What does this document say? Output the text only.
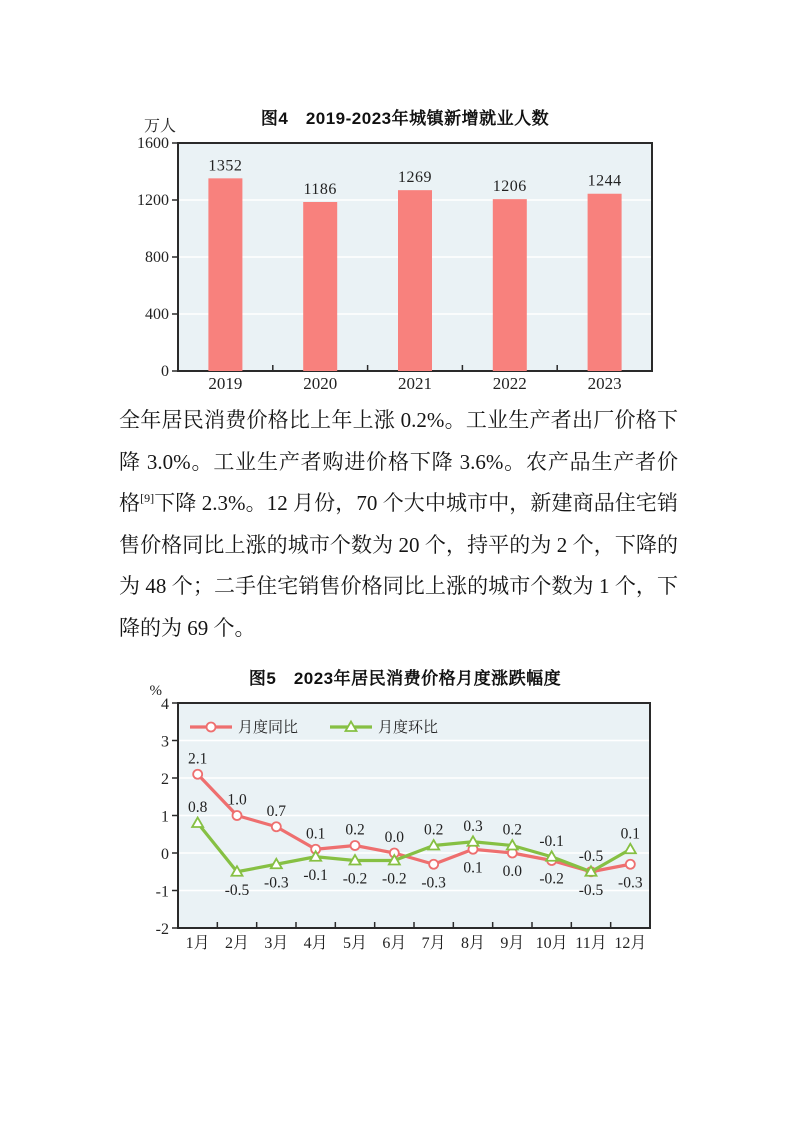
图4　2019-2023年城镇新增就业人数
0
400
800
1200
1600
万人
1352
2019
1186
2020
1269
2021
1206
2022
1244
2023

全年居民消费价格比上年上涨 0.2%。工业生产者出厂价格下降 3.0%。工业生产者购进价格下降 3.6%。农产品生产者价格[9]下降 2.3%。12 月份，70 个大中城市中，新建商品住宅销售价格同比上涨的城市个数为 20 个，持平的为 2 个，下降的为 48 个；二手住宅销售价格同比上涨的城市个数为 1 个，下降的为 69 个。

图5　2023年居民消费价格月度涨跌幅度
4
3
2
1
0
-1
-2
%
1月 2月 3月 4月 5月 6月 7月 8月 9月 10月 11月 12月
2.1
1.0
0.7
0.1 0.2 0.0
-0.3
0.1 0.0 -0.2
-0.5 -0.3
0.8
-0.5 -0.3 -0.1 -0.2 -0.2
0.2 0.3 0.2
-0.1
-0.5
0.1
月度同比	月度环比
